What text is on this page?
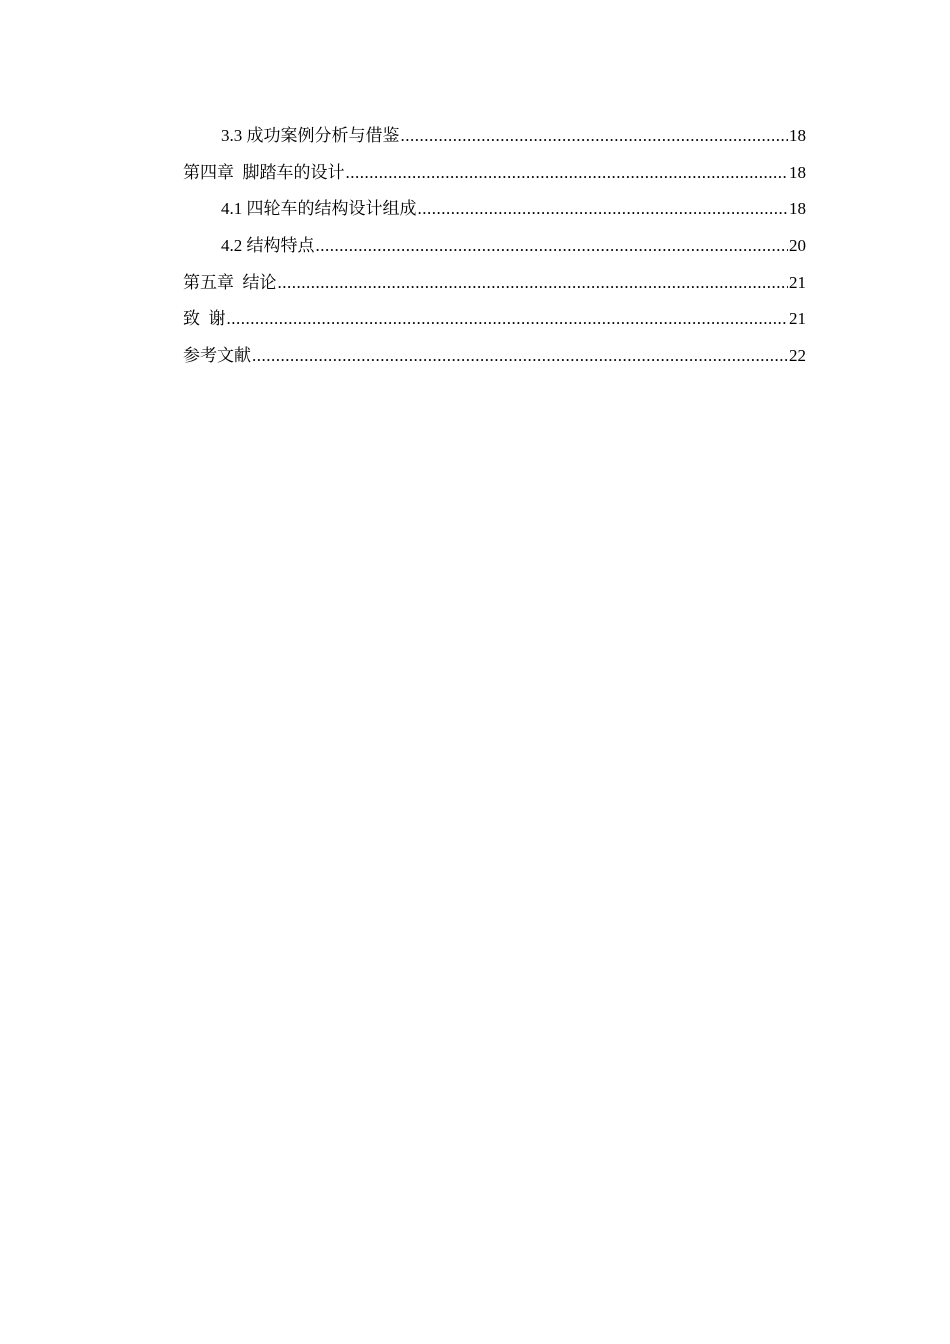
3.3 成功案例分析与借鉴 .....	18
第四章  脚踏车的设计 .....	18
4.1 四轮车的结构设计组成 .....	18
4.2 结构特点 .....	20
第五章  结论 .....	21
致  谢 .....	21
参考文献 .....	22
